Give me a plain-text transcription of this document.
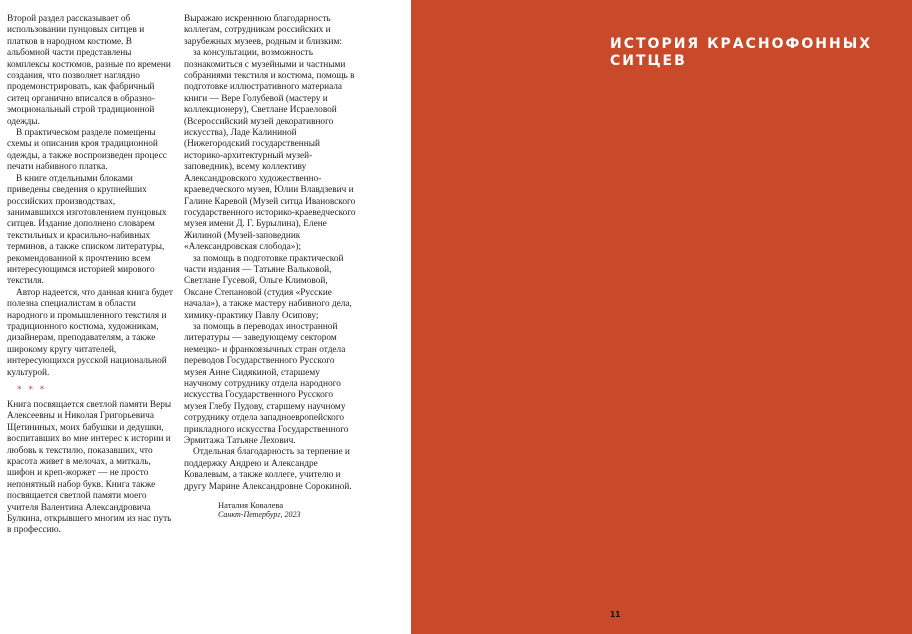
Второй раздел рассказывает об использовании пунцовых ситцев и платков в народном костюме. В альбомной части представлены комплексы костюмов, разные по времени создания, что позволяет наглядно продемонстрировать, как фабричный ситец органично вписался в образно-эмоциональный строй традиционной одежды.

В практическом разделе помещены схемы и описания кроя традиционной одежды, а также воспроизведен процесс печати набивного платка.

В книге отдельными блоками приведены сведения о крупнейших российских производствах, занимавшихся изготовлением пунцовых ситцев. Издание дополнено словарем текстильных и красильно-набивных терминов, а также списком литературы, рекомендованной к прочтению всем интересующимся историей мирового текстиля.

Автор надеется, что данная книга будет полезна специалистам в области народного и промышленного текстиля и традиционного костюма, художникам, дизайнерам, преподавателям, а также широкому кругу читателей, интересующихся русской национальной культурой.

* * *

Книга посвящается светлой памяти Веры Алексеевны и Николая Григорьевича Щетининых, моих бабушки и дедушки, воспитавших во мне интерес к истории и любовь к текстилю, показавших, что красота живет в мелочах, а миткаль, шифон и креп-жоржет — не просто непонятный набор букв. Книга также посвящается светлой памяти моего учителя Валентина Александровича Булкина, открывшего многим из нас путь в профессию.

Выражаю искреннюю благодарность коллегам, сотрудникам российских и зарубежных музеев, родным и близким:

за консультации, возможность познакомиться с музейными и частными собраниями текстиля и костюма, помощь в подготовке иллюстративного материала книги — Вере Голубевой (мастеру и коллекционеру), Светлане Исраеловой (Всероссийский музей декоративного искусства), Ладе Калининой (Нижегородский государственный историко-архитектурный музей-заповедник), всему коллективу Александровского художественно-краеведческого музея, Юлии Влавдзевич и Галине Каревой (Музей ситца Ивановского государственного историко-краеведческого музея имени Д. Г. Бурылина), Елене Жилиной (Музей-заповедник «Александровская слобода»);

за помощь в подготовке практической части издания — Татьяне Вальковой, Светлане Гусевой, Ольге Климовой, Оксане Степановой (студия «Русские начала»), а также мастеру набивного дела, химику-практику Павлу Осипову;

за помощь в переводах иностранной литературы — заведующему сектором немецко- и франкоязычных стран отдела переводов Государственного Русского музея Анне Сидякиной, старшему научному сотруднику отдела народного искусства Государственного Русского музея Глебу Пудову, старшему научному сотруднику отдела западноевропейского прикладного искусства Государственного Эрмитажа Татьяне Лехович.

Отдельная благодарность за терпение и поддержку Андрею и Александре Ковалевым, а также коллеге, учителю и другу Марине Александровне Сорокиной.

Наталия Ковалева
Санкт-Петербург, 2023
ИСТОРИЯ КРАСНОФОННЫХ
СИТЦЕВ
11
